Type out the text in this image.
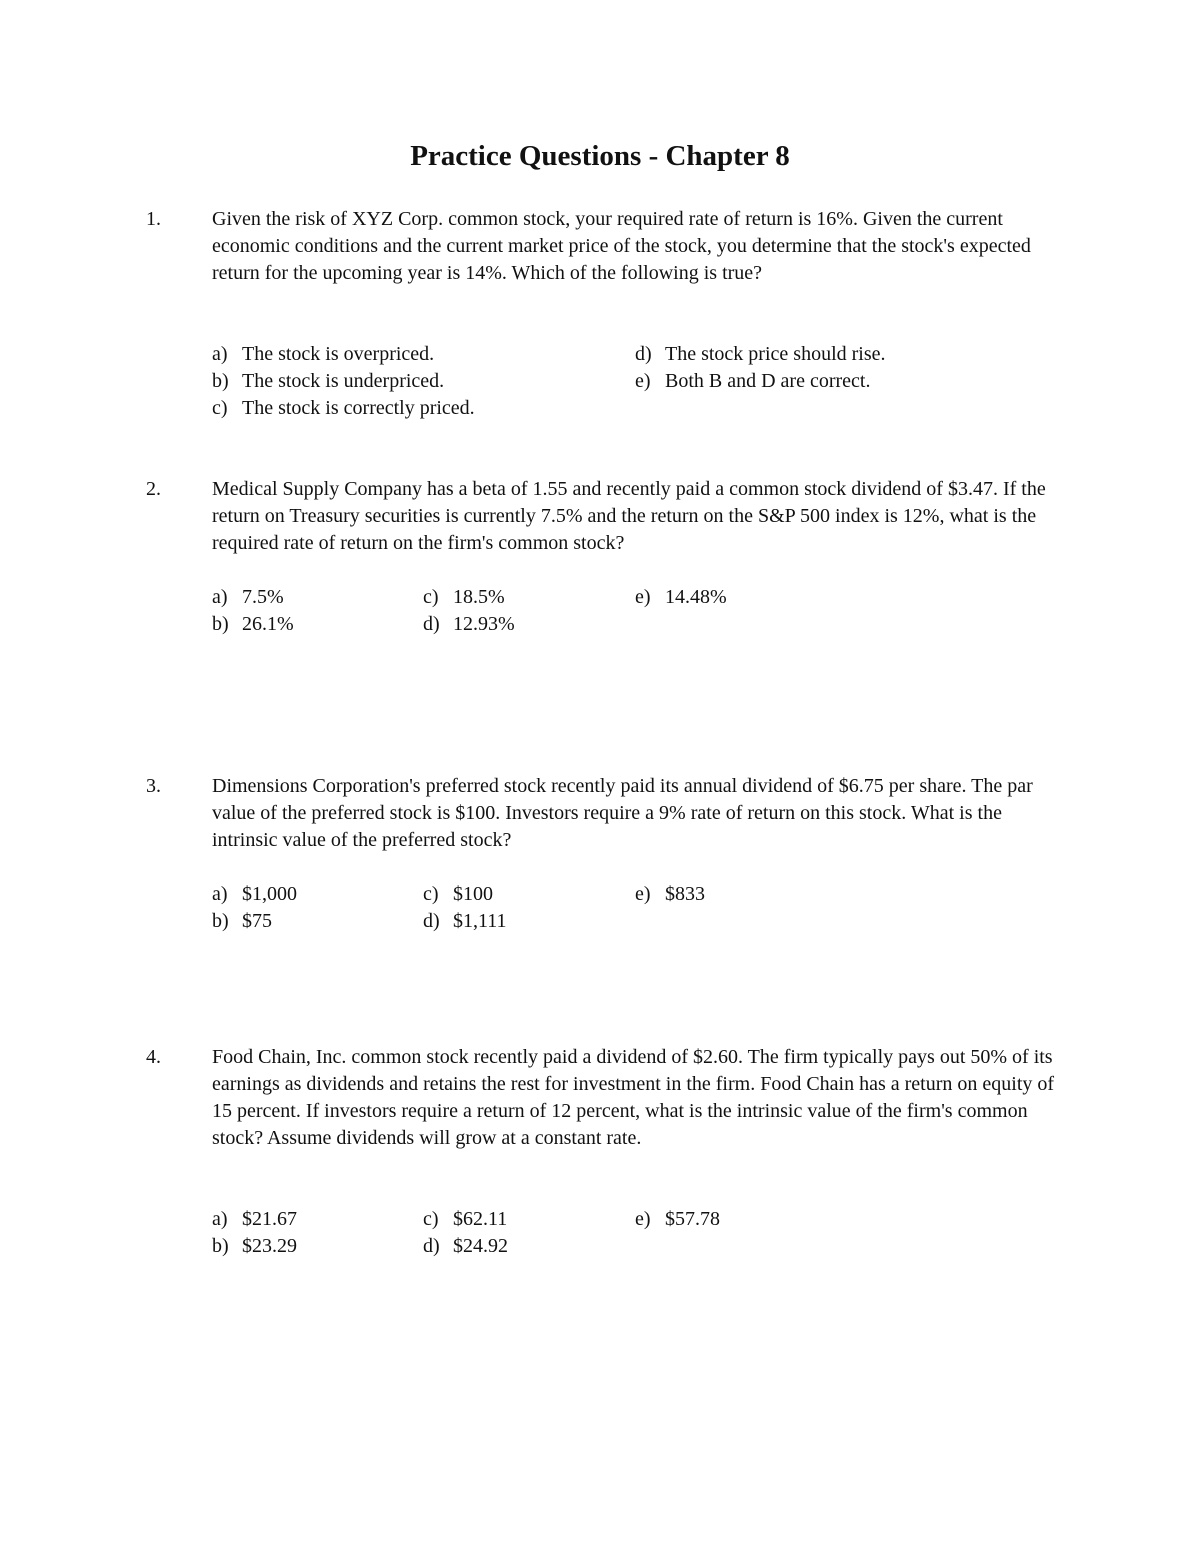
Practice Questions - Chapter 8
1.	Given the risk of XYZ Corp. common stock, your required rate of return is 16%. Given the current economic conditions and the current market price of the stock, you determine that the stock's expected return for the upcoming year is 14%. Which of the following is true?

a) The stock is overpriced.
b) The stock is underpriced.
c) The stock is correctly priced.
d) The stock price should rise.
e) Both B and D are correct.
2.	Medical Supply Company has a beta of 1.55 and recently paid a common stock dividend of $3.47. If the return on Treasury securities is currently 7.5% and the return on the S&P 500 index is 12%, what is the required rate of return on the firm's common stock?

a) 7.5%
b) 26.1%
c) 18.5%
d) 12.93%
e) 14.48%
3.	Dimensions Corporation's preferred stock recently paid its annual dividend of $6.75 per share. The par value of the preferred stock is $100. Investors require a 9% rate of return on this stock. What is the intrinsic value of the preferred stock?

a) $1,000
b) $75
c) $100
d) $1,111
e) $833
4.	Food Chain, Inc. common stock recently paid a dividend of $2.60. The firm typically pays out 50% of its earnings as dividends and retains the rest for investment in the firm. Food Chain has a return on equity of 15 percent. If investors require a return of 12 percent, what is the intrinsic value of the firm's common stock? Assume dividends will grow at a constant rate.

a) $21.67
b) $23.29
c) $62.11
d) $24.92
e) $57.78
